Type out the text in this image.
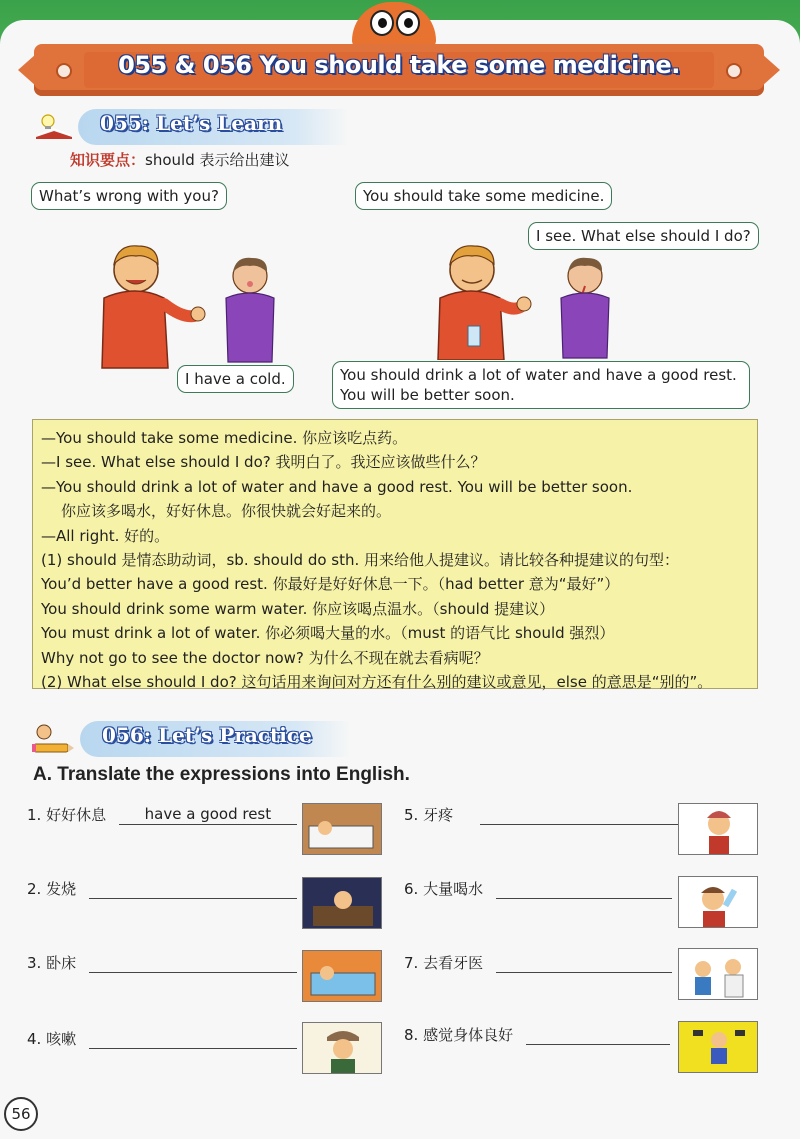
055 & 056 You should take some medicine.
055: Let’s Learn
知识要点：should 表示给出建议
What’s wrong with you?
I have a cold.
You should take some medicine.
I see. What else should I do?
You should drink a lot of water and have a good rest.
You will be better soon.
—You should take some medicine. 你应该吃点药。
—I see. What else should I do? 我明白了。我还应该做些什么？
—You should drink a lot of water and have a good rest. You will be better soon.
你应该多喝水，好好休息。你很快就会好起来的。
—All right. 好的。
(1) should 是情态助动词，sb. should do sth. 用来给他人提建议。请比较各种提建议的句型：
You’d better have a good rest. 你最好是好好休息一下。（had better 意为“最好”）
You should drink some warm water. 你应该喝点温水。（should 提建议）
You must drink a lot of water. 你必须喝大量的水。（must 的语气比 should 强烈）
Why not go to see the doctor now? 为什么不现在就去看病呢？
(2) What else should I do? 这句话用来询问对方还有什么别的建议或意见，else 的意思是“别的”。
056: Let’s Practice
A. Translate the expressions into English.
1. 好好休息	have a good rest
2. 发烧
3. 卧床
4. 咳嗽
5. 牙疼
6. 大量喝水
7. 去看牙医
8. 感觉身体良好
56
